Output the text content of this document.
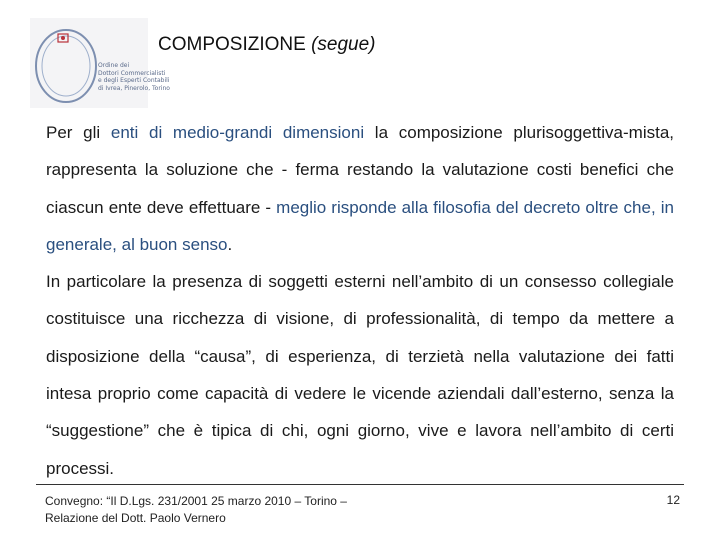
Ordine dei
Dottori Commercialisti
e degli Esperti Contabili
di Ivrea, Pinerolo, Torino
COMPOSIZIONE (segue)

Per gli enti di medio-grandi dimensioni la composizione plurisoggettiva-mista, rappresenta la soluzione che - ferma restando la valutazione costi benefici che ciascun ente deve effettuare - meglio risponde alla filosofia del decreto oltre che, in generale, al buon senso.

In particolare la presenza di soggetti esterni nell’ambito di un consesso collegiale costituisce una ricchezza di visione, di professionalità, di tempo da mettere a disposizione della “causa”, di esperienza, di terzietà nella valutazione dei fatti intesa proprio come capacità di vedere le vicende aziendali dall’esterno, senza la “suggestione” che è tipica di chi, ogni giorno, vive e lavora nell’ambito di certi processi.

Convegno: “Il D.Lgs. 231/2001 25 marzo 2010 – Torino –
Relazione del Dott. Paolo Vernero
12
